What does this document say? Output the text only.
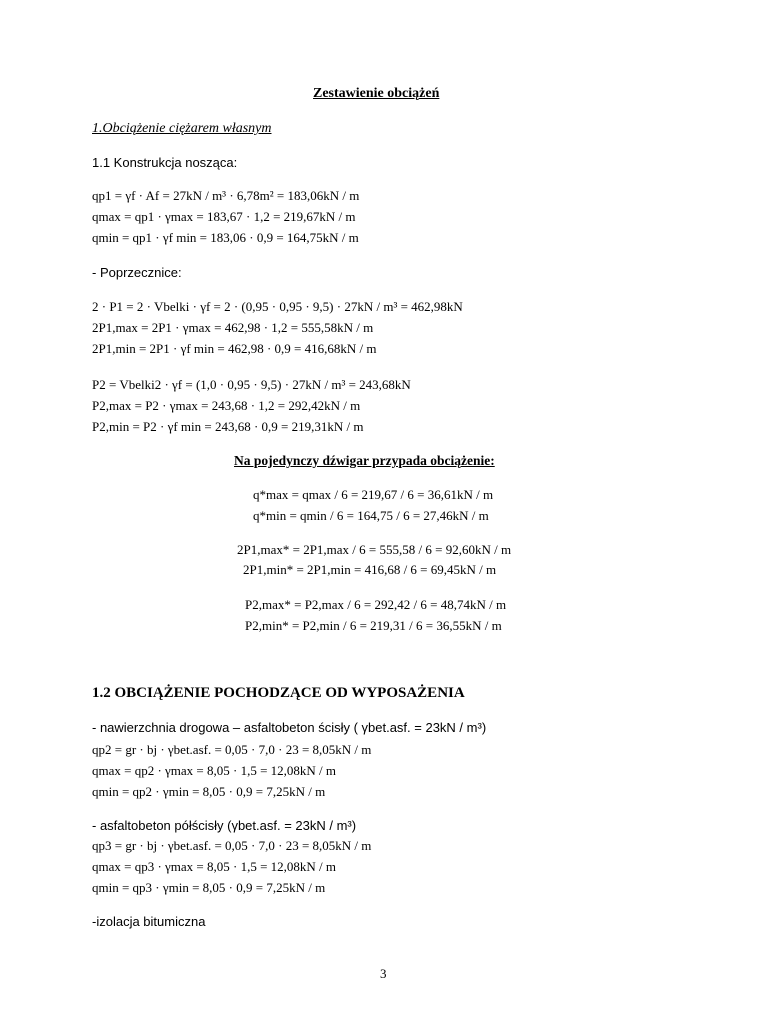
Zestawienie obciążeń
1.Obciążenie ciężarem własnym
1.1 Konstrukcja nosząca:
qp1 = γf · Af = 27kN / m³ · 6,78m² = 183,06kN / m
qmax = qp1 · γmax = 183,67 · 1,2 = 219,67kN / m
qmin = qp1 · γf min = 183,06 · 0,9 = 164,75kN / m
- Poprzecznice:
2 · P1 = 2 · Vbelki · γf = 2 · (0,95 · 0,95 · 9,5) · 27kN / m³ = 462,98kN
2P1,max = 2P1 · γmax = 462,98 · 1,2 = 555,58kN / m
2P1,min = 2P1 · γf min = 462,98 · 0,9 = 416,68kN / m
P2 = Vbelki2 · γf = (1,0 · 0,95 · 9,5) · 27kN / m³ = 243,68kN
P2,max = P2 · γmax = 243,68 · 1,2 = 292,42kN / m
P2,min = P2 · γf min = 243,68 · 0,9 = 219,31kN / m
Na pojedynczy dźwigar przypada obciążenie:
q*max = qmax / 6 = 219,67 / 6 = 36,61kN / m
q*min = qmin / 6 = 164,75 / 6 = 27,46kN / m
2P1,max* = 2P1,max / 6 = 555,58 / 6 = 92,60kN / m
2P1,min* = 2P1,min = 416,68 / 6 = 69,45kN / m
P2,max* = P2,max / 6 = 292,42 / 6 = 48,74kN / m
P2,min* = P2,min / 6 = 219,31 / 6 = 36,55kN / m
1.2 OBCIĄŻENIE POCHODZĄCE OD WYPOSAŻENIA
- nawierzchnia drogowa – asfaltobeton ścisły ( γbet.asf. = 23kN / m³)
qp2 = gr · bj · γbet.asf. = 0,05 · 7,0 · 23 = 8,05kN / m
qmax = qp2 · γmax = 8,05 · 1,5 = 12,08kN / m
qmin = qp2 · γmin = 8,05 · 0,9 = 7,25kN / m
- asfaltobeton półścisły (γbet.asf. = 23kN / m³)
qp3 = gr · bj · γbet.asf. = 0,05 · 7,0 · 23 = 8,05kN / m
qmax = qp3 · γmax = 8,05 · 1,5 = 12,08kN / m
qmin = qp3 · γmin = 8,05 · 0,9 = 7,25kN / m
-izolacja bitumiczna
3
